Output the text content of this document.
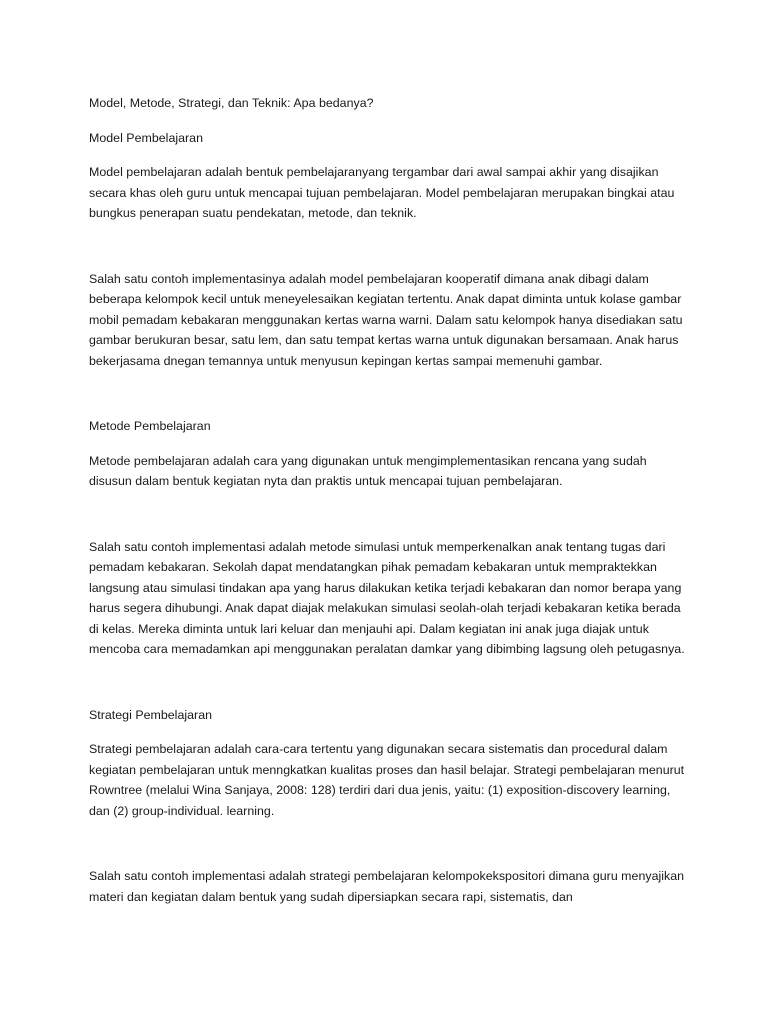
Model, Metode, Strategi, dan Teknik: Apa bedanya?

Model Pembelajaran

Model pembelajaran adalah bentuk pembelajaranyang tergambar dari awal sampai akhir yang disajikan secara khas oleh guru untuk mencapai tujuan pembelajaran. Model pembelajaran merupakan bingkai atau bungkus penerapan suatu pendekatan, metode, dan teknik.

Salah satu contoh implementasinya adalah model pembelajaran kooperatif dimana anak dibagi dalam beberapa kelompok kecil untuk meneyelesaikan kegiatan tertentu. Anak dapat diminta untuk kolase gambar mobil pemadam kebakaran menggunakan kertas warna warni. Dalam satu kelompok hanya disediakan satu gambar berukuran besar, satu lem, dan satu tempat kertas warna untuk digunakan bersamaan. Anak harus bekerjasama dnegan temannya untuk menyusun kepingan kertas sampai memenuhi gambar.

Metode Pembelajaran

Metode pembelajaran adalah cara yang digunakan untuk mengimplementasikan rencana yang sudah disusun dalam bentuk kegiatan nyta dan praktis untuk mencapai tujuan pembelajaran.

Salah satu contoh implementasi adalah metode simulasi untuk memperkenalkan anak tentang tugas dari pemadam kebakaran. Sekolah dapat mendatangkan pihak pemadam kebakaran untuk mempraktekkan langsung atau simulasi tindakan apa yang harus dilakukan ketika terjadi kebakaran dan nomor berapa yang harus segera dihubungi. Anak dapat diajak melakukan simulasi seolah-olah terjadi kebakaran ketika berada di kelas. Mereka diminta untuk lari keluar dan menjauhi api. Dalam kegiatan ini anak juga diajak untuk mencoba cara memadamkan api menggunakan peralatan damkar yang dibimbing lagsung oleh petugasnya.

Strategi Pembelajaran

Strategi pembelajaran adalah cara-cara tertentu yang digunakan secara sistematis dan procedural dalam kegiatan pembelajaran untuk menngkatkan kualitas proses dan hasil belajar. Strategi pembelajaran menurut Rowntree (melalui Wina Sanjaya, 2008: 128) terdiri dari dua jenis, yaitu: (1) exposition-discovery learning, dan (2) group-individual. learning.

Salah satu contoh implementasi adalah strategi pembelajaran kelompokekspositori dimana guru menyajikan materi dan kegiatan dalam bentuk yang sudah dipersiapkan secara rapi, sistematis, dan
